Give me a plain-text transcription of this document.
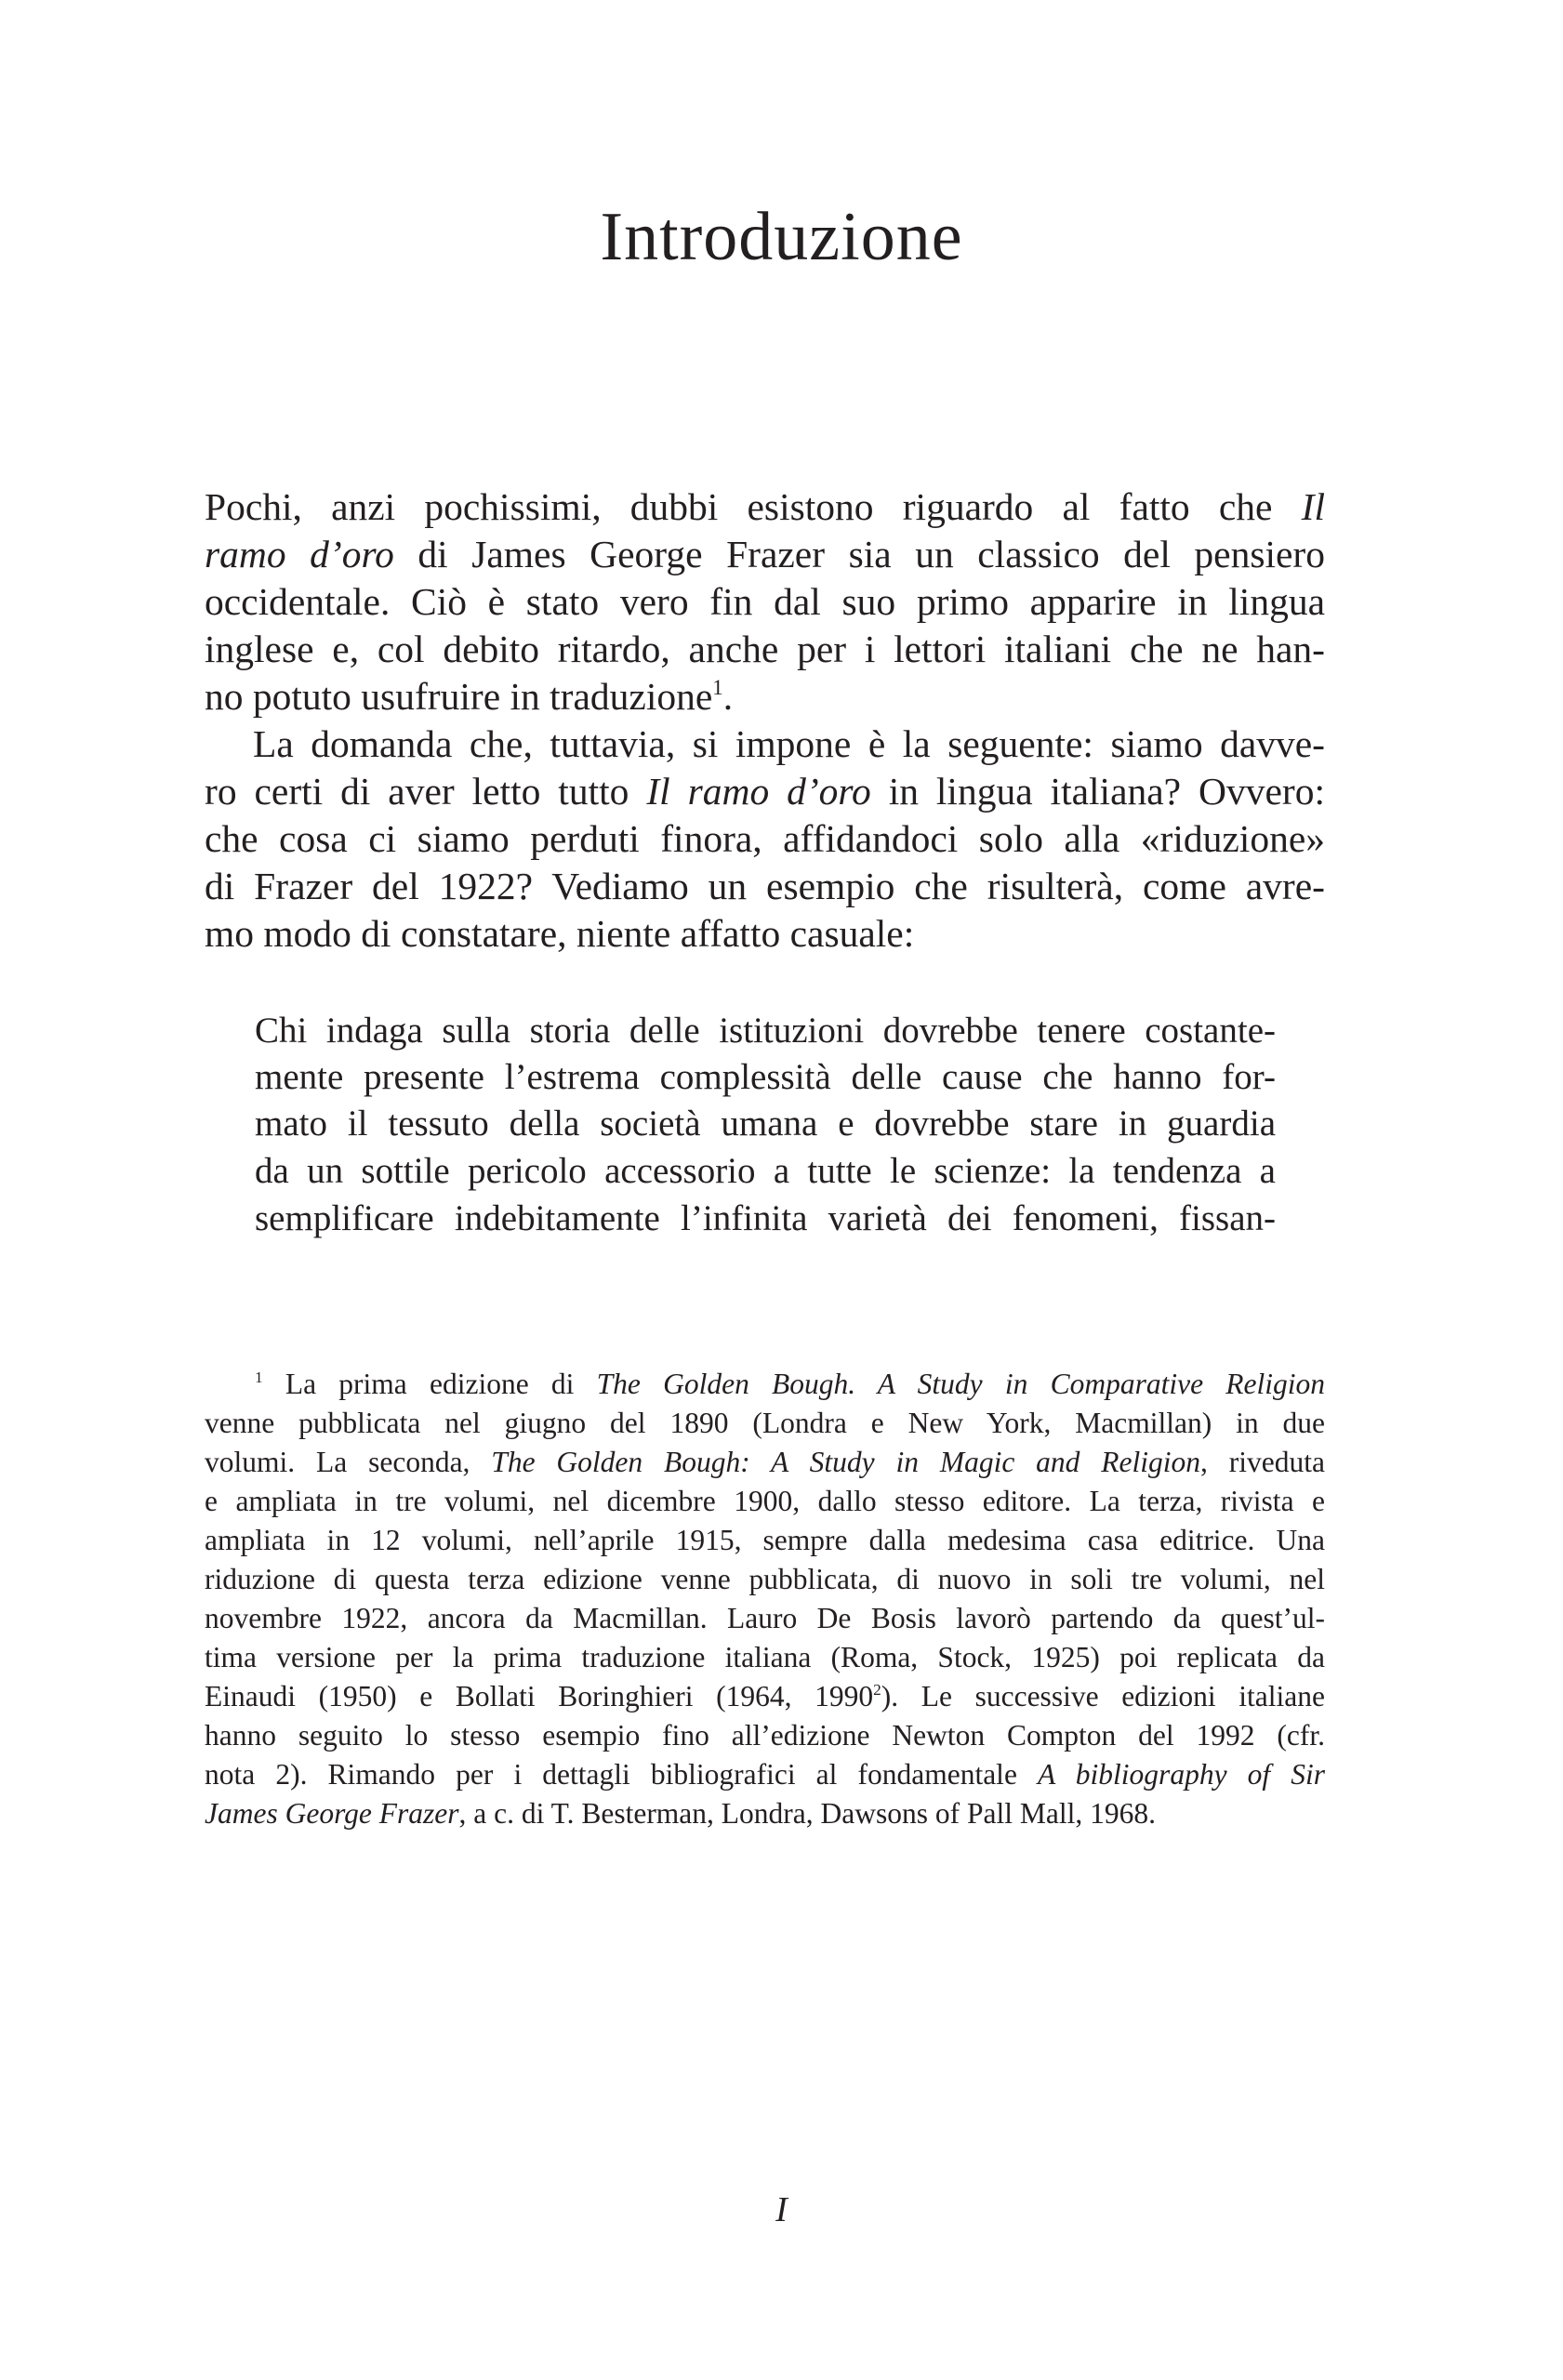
Introduzione
Pochi, anzi pochissimi, dubbi esistono riguardo al fatto che Il
ramo d’oro di James George Frazer sia un classico del pensiero
occidentale. Ciò è stato vero fin dal suo primo apparire in lingua
inglese e, col debito ritardo, anche per i lettori italiani che ne han-
no potuto usufruire in traduzione$^1$.
La domanda che, tuttavia, si impone è la seguente: siamo davve-
ro certi di aver letto tutto Il ramo d’oro in lingua italiana? Ovvero:
che cosa ci siamo perduti finora, affidandoci solo alla «riduzione»
di Frazer del 1922? Vediamo un esempio che risulterà, come avre-
mo modo di constatare, niente affatto casuale:
Chi indaga sulla storia delle istituzioni dovrebbe tenere costante-
mente presente l’estrema complessità delle cause che hanno for-
mato il tessuto della società umana e dovrebbe stare in guardia
da un sottile pericolo accessorio a tutte le scienze: la tendenza a
semplificare indebitamente l’infinita varietà dei fenomeni, fissan-
$^1$ La prima edizione di The Golden Bough. A Study in Comparative Religion
venne pubblicata nel giugno del 1890 (Londra e New York, Macmillan) in due
volumi. La seconda, The Golden Bough: A Study in Magic and Religion, riveduta
e ampliata in tre volumi, nel dicembre 1900, dallo stesso editore. La terza, rivista e
ampliata in 12 volumi, nell’aprile 1915, sempre dalla medesima casa editrice. Una
riduzione di questa terza edizione venne pubblicata, di nuovo in soli tre volumi, nel
novembre 1922, ancora da Macmillan. Lauro De Bosis lavorò partendo da quest’ul-
tima versione per la prima traduzione italiana (Roma, Stock, 1925) poi replicata da
Einaudi (1950) e Bollati Boringhieri (1964, 1990$^2$). Le successive edizioni italiane
hanno seguito lo stesso esempio fino all’edizione Newton Compton del 1992 (cfr.
nota 2). Rimando per i dettagli bibliografici al fondamentale A bibliography of Sir
James George Frazer, a c. di T. Besterman, Londra, Dawsons of Pall Mall, 1968.
I
